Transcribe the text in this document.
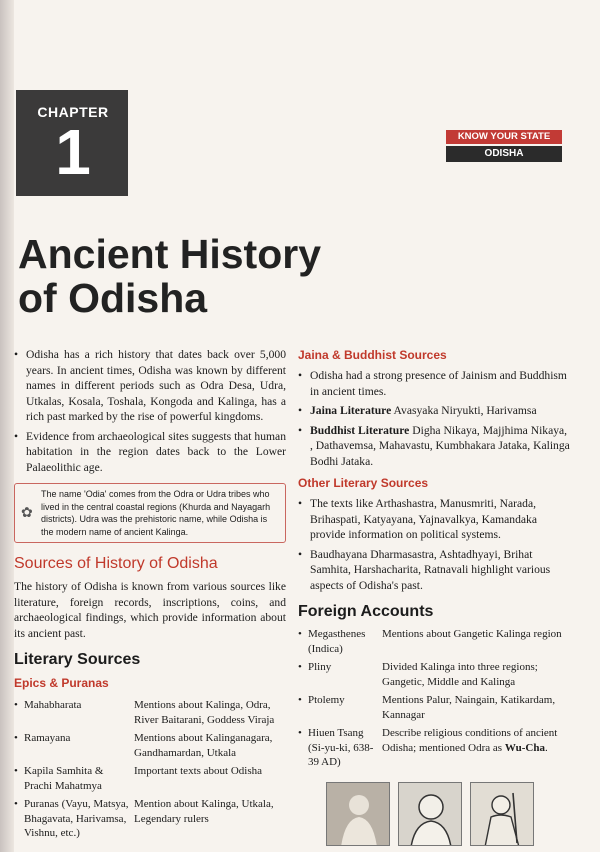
CHAPTER
1	KNOW YOUR STATE
ODISHA
Ancient History
of Odisha
• Odisha has a rich history that dates back over 5,000 years. In ancient times, Odisha was known by different names in different periods such as Odra Desa, Udra, Utkalas, Kosala, Toshala, Kongoda and Kalinga, has a rich past marked by the rise of powerful kingdoms.
• Evidence from archaeological sites suggests that human habitation in the region dates back to the Lower Palaeolithic age.
✿
The name 'Odia' comes from the Odra or Udra tribes who lived in the central coastal regions (Khurda and Nayagarh districts). Udra was the prehistoric name, while Odisha is the modern name of ancient Kalinga.
Sources of History of Odisha
The history of Odisha is known from various sources like literature, foreign records, inscriptions, coins, and archaeological findings, which provide information about its ancient past.
Literary Sources
Epics & Puranas
• Mahabharata	Mentions about Kalinga, Odra, River Baitarani, Goddess Viraja
• Ramayana	Mentions about Kalinganagara, Gandhamardan, Utkala
• Kapila Samhita & Prachi Mahatmya	Important texts about Odisha
• Puranas (Vayu, Matsya, Bhagavata, Harivamsa, Vishnu, etc.)	Mention about Kalinga, Utkala, Legendary rulers
Jaina & Buddhist Sources
• Odisha had a strong presence of Jainism and Buddhism in ancient times.
• Jaina Literature Avasyaka Niryukti, Harivamsa
• Buddhist Literature Digha Nikaya, Majjhima Nikaya, , Dathavemsa, Mahavastu, Kumbhakara Jataka, Kalinga Bodhi Jataka.
Other Literary Sources
• The texts like Arthashastra, Manusmriti, Narada, Brihaspati, Katyayana, Yajnavalkya, Kamandaka provide information on political systems.
• Baudhayana Dharmasastra, Ashtadhyayi, Brihat Samhita, Harshacharita, Ratnavali highlight various aspects of Odisha's past.
Foreign Accounts
• Megasthenes (Indica)	Mentions about Gangetic Kalinga region
• Pliny	Divided Kalinga into three regions; Gangetic, Middle and Kalinga
• Ptolemy	Mentions Palur, Naingain, Katikardam, Kannagar
• Hiuen Tsang (Si-yu-ki, 638-39 AD)	Describe religious conditions of ancient Odisha; mentioned Odra as Wu-Cha.
